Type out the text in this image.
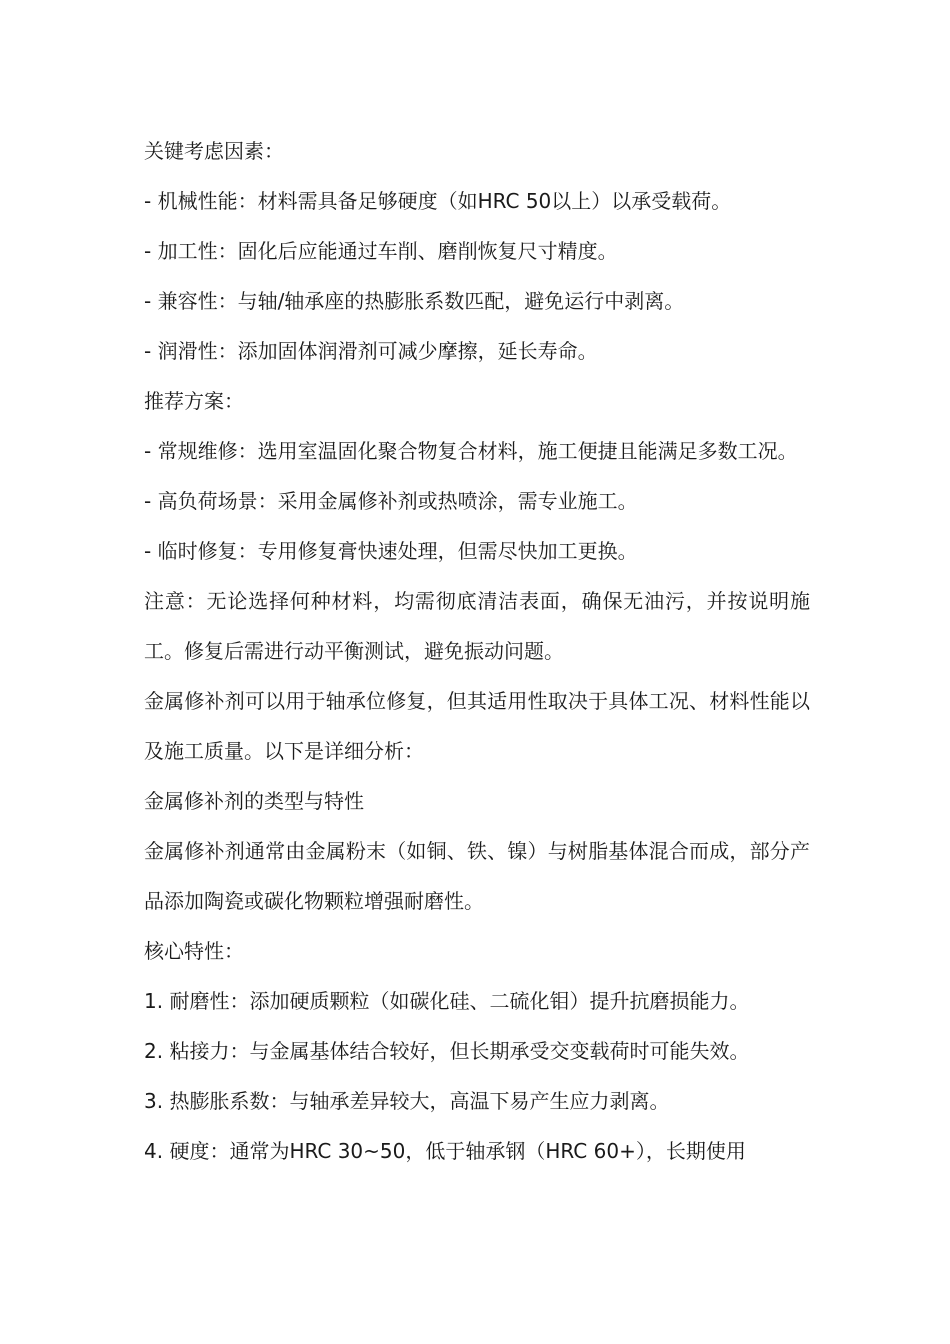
关键考虑因素：

- 机械性能：材料需具备足够硬度（如HRC 50以上）以承受载荷。

- 加工性：固化后应能通过车削、磨削恢复尺寸精度。

- 兼容性：与轴/轴承座的热膨胀系数匹配，避免运行中剥离。

- 润滑性：添加固体润滑剂可减少摩擦，延长寿命。

推荐方案：

- 常规维修：选用室温固化聚合物复合材料，施工便捷且能满足多数工况。

- 高负荷场景：采用金属修补剂或热喷涂，需专业施工。

- 临时修复：专用修复膏快速处理，但需尽快加工更换。

注意：无论选择何种材料，均需彻底清洁表面，确保无油污，并按说明施工。修复后需进行动平衡测试，避免振动问题。

金属修补剂可以用于轴承位修复，但其适用性取决于具体工况、材料性能以及施工质量。以下是详细分析：

金属修补剂的类型与特性

金属修补剂通常由金属粉末（如铜、铁、镍）与树脂基体混合而成，部分产品添加陶瓷或碳化物颗粒增强耐磨性。

核心特性：

1. 耐磨性：添加硬质颗粒（如碳化硅、二硫化钼）提升抗磨损能力。

2. 粘接力：与金属基体结合较好，但长期承受交变载荷时可能失效。

3. 热膨胀系数：与轴承差异较大，高温下易产生应力剥离。

4. 硬度：通常为HRC 30~50，低于轴承钢（HRC 60+），长期使用
